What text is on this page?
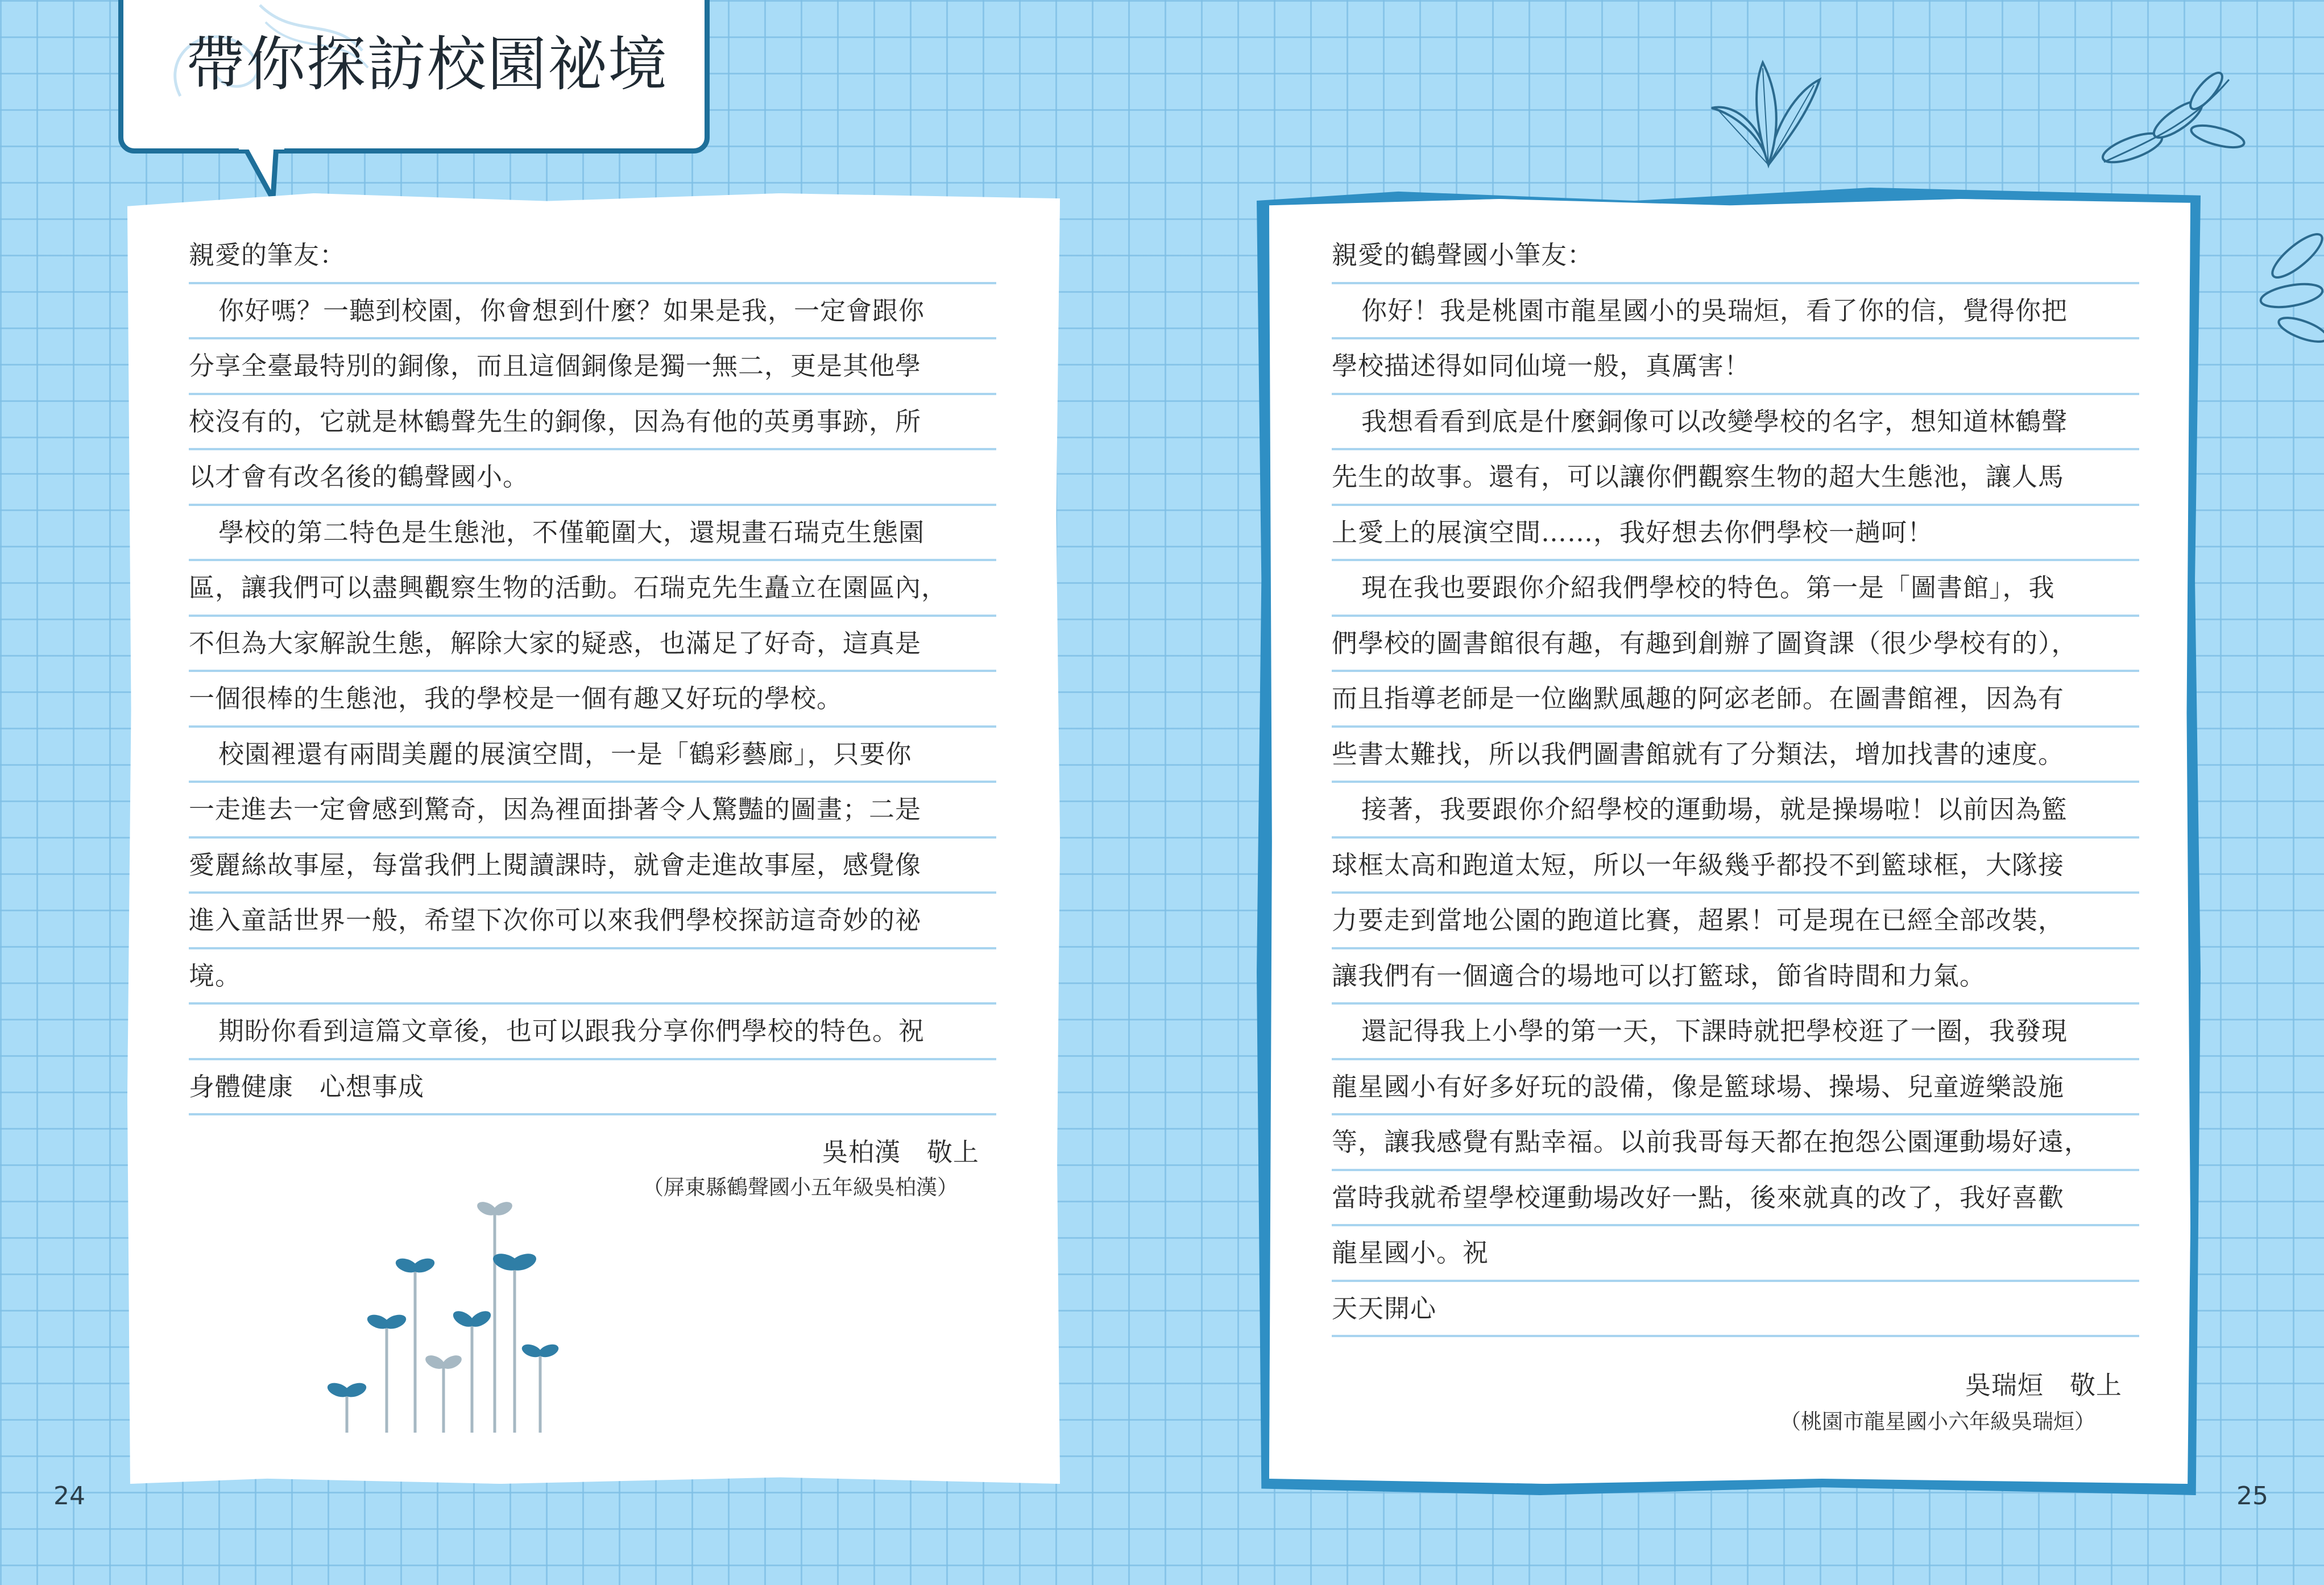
帶你探訪校園祕境
親愛的筆友：
你好嗎？一聽到校園，你會想到什麼？如果是我，一定會跟你
分享全臺最特別的銅像，而且這個銅像是獨一無二，更是其他學
校沒有的，它就是林鶴聲先生的銅像，因為有他的英勇事跡，所
以才會有改名後的鶴聲國小。
學校的第二特色是生態池，不僅範圍大，還規畫石瑞克生態園
區，讓我們可以盡興觀察生物的活動。石瑞克先生矗立在園區內，
不但為大家解說生態，解除大家的疑惑，也滿足了好奇，這真是
一個很棒的生態池，我的學校是一個有趣又好玩的學校。
校園裡還有兩間美麗的展演空間，一是「鶴彩藝廊」，只要你
一走進去一定會感到驚奇，因為裡面掛著令人驚豔的圖畫；二是
愛麗絲故事屋，每當我們上閱讀課時，就會走進故事屋，感覺像
進入童話世界一般，希望下次你可以來我們學校探訪這奇妙的祕
境。
期盼你看到這篇文章後，也可以跟我分享你們學校的特色。祝
身體健康　心想事成
吳柏漢　敬上
（屏東縣鶴聲國小五年級吳柏漢）
24
親愛的鶴聲國小筆友：
你好！我是桃園市龍星國小的吳瑞烜，看了你的信，覺得你把
學校描述得如同仙境一般，真厲害！
我想看看到底是什麼銅像可以改變學校的名字，想知道林鶴聲
先生的故事。還有，可以讓你們觀察生物的超大生態池，讓人馬
上愛上的展演空間……，我好想去你們學校一趟呵！
現在我也要跟你介紹我們學校的特色。第一是「圖書館」，我
們學校的圖書館很有趣，有趣到創辦了圖資課（很少學校有的），
而且指導老師是一位幽默風趣的阿宓老師。在圖書館裡，因為有
些書太難找，所以我們圖書館就有了分類法，增加找書的速度。
接著，我要跟你介紹學校的運動場，就是操場啦！以前因為籃
球框太高和跑道太短，所以一年級幾乎都投不到籃球框，大隊接
力要走到當地公園的跑道比賽，超累！可是現在已經全部改裝，
讓我們有一個適合的場地可以打籃球，節省時間和力氣。
還記得我上小學的第一天，下課時就把學校逛了一圈，我發現
龍星國小有好多好玩的設備，像是籃球場、操場、兒童遊樂設施
等，讓我感覺有點幸福。以前我哥每天都在抱怨公園運動場好遠，
當時我就希望學校運動場改好一點，後來就真的改了，我好喜歡
龍星國小。祝
天天開心
吳瑞烜　敬上
（桃園市龍星國小六年級吳瑞烜）
25
